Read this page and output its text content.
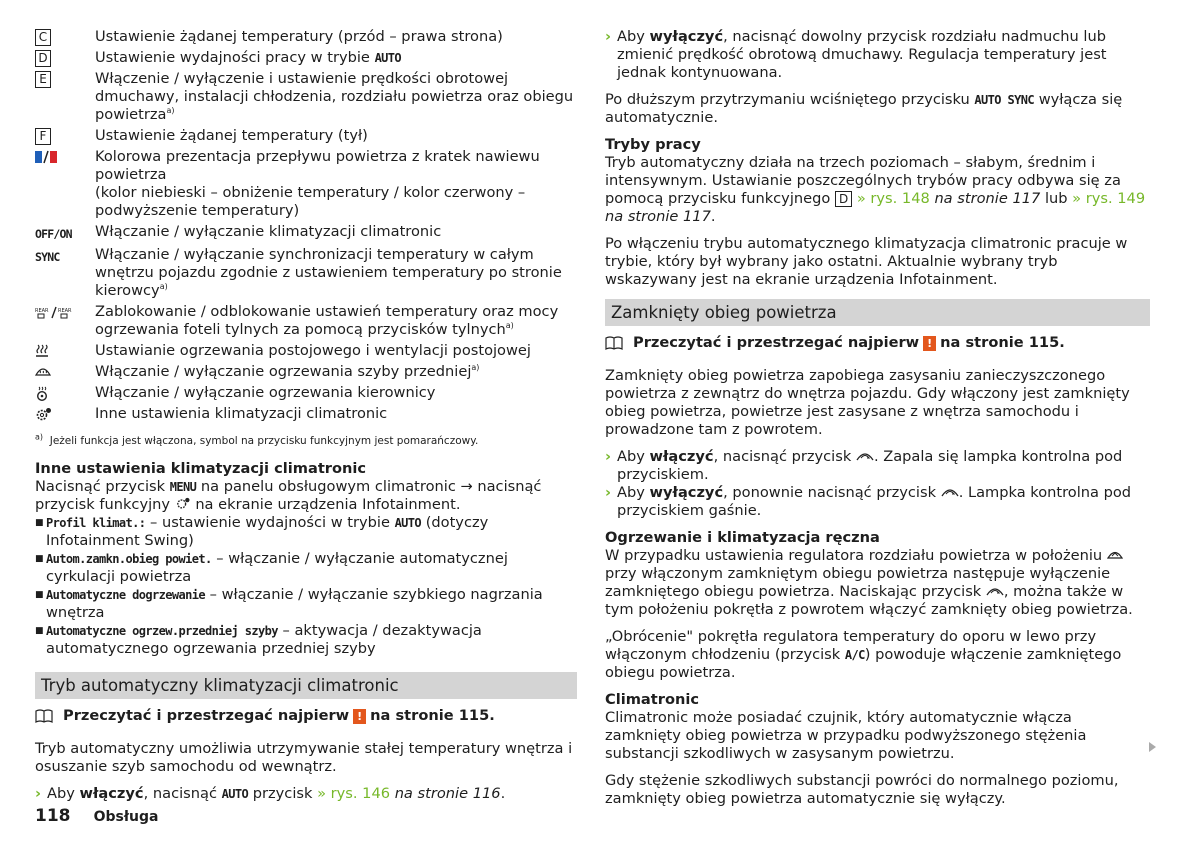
C	Ustawienie żądanej temperatury (przód – prawa strona)
D	Ustawienie wydajności pracy w trybie AUTO
E	Włączenie / wyłączenie i ustawienie prędkości obrotowej dmuchawy, instalacji chłodzenia, rozdziału powietrza oraz obiegu powietrza$^{a)}$
F	Ustawienie żądanej temperatury (tył)
Kolorowa prezentacja przepływu powietrza z kratek nawiewu powietrza
(kolor niebieski – obniżenie temperatury / kolor czerwony – podwyższenie temperatury)
OFF/ON Włączanie / wyłączanie klimatyzacji climatronic
SYNC Włączanie / wyłączanie synchronizacji temperatury w całym wnętrzu pojazdu zgodnie z ustawieniem temperatury po stronie kierowcy$^{a)}$
REAR REAR Zablokowanie / odblokowanie ustawień temperatury oraz mocy ogrzewania foteli tylnych za pomocą przycisków tylnych$^{a)}$
Ustawianie ogrzewania postojowego i wentylacji postojowej
Włączanie / wyłączanie ogrzewania szyby przedniej$^{a)}$
Włączanie / wyłączanie ogrzewania kierownicy
Inne ustawienia klimatyzacji climatronic
$^{a)}$ Jeżeli funkcja jest włączona, symbol na przycisku funkcyjnym jest pomarańczowy.
Inne ustawienia klimatyzacji climatronic
Nacisnąć przycisk MENU na panelu obsługowym climatronic → nacisnąć przycisk funkcyjny na ekranie urządzenia Infotainment.
■ Profil klimat.: – ustawienie wydajności w trybie AUTO (dotyczy Infotainment Swing)
■ Autom.zamkn.obieg powiet. – włączanie / wyłączanie automatycznej cyrkulacji powietrza
■ Automatyczne dogrzewanie – włączanie / wyłączanie szybkiego nagrzania wnętrza
■ Automatyczne ogrzew.przedniej szyby – aktywacja / dezaktywacja automatycznego ogrzewania przedniej szyby
Tryb automatyczny klimatyzacji climatronic
Przeczytać i przestrzegać najpierw ! na stronie
115.
Tryb automatyczny umożliwia utrzymywanie stałej temperatury wnętrza i osuszanie szyb samochodu od wewnątrz.
› Aby włączyć, nacisnąć AUTO przycisk » rys. 146 na stronie 116.
› Aby wyłączyć, nacisnąć dowolny przycisk rozdziału nadmuchu lub zmienić prędkość obrotową dmuchawy. Regulacja temperatury jest jednak kontynuowana.
Po dłuższym przytrzymaniu wciśniętego przycisku AUTO SYNC wyłącza się automatycznie.
Tryby pracy
Tryb automatyczny działa na trzech poziomach – słabym, średnim i intensywnym. Ustawianie poszczególnych trybów pracy odbywa się za pomocą przycisku funkcyjnego D » rys. 148 na stronie 117 lub » rys. 149 na stronie 117.
Po włączeniu trybu automatycznego klimatyzacja climatronic pracuje w trybie, który był wybrany jako ostatni. Aktualnie wybrany tryb wskazywany jest na ekranie urządzenia Infotainment.
Zamknięty obieg powietrza
Przeczytać i przestrzegać najpierw ! na stronie
115.
Zamknięty obieg powietrza zapobiega zasysaniu zanieczyszczonego powietrza z zewnątrz do wnętrza pojazdu. Gdy włączony jest zamknięty obieg powietrza, powietrze jest zasysane z wnętrza samochodu i prowadzone tam z powrotem.
› Aby włączyć, nacisnąć przycisk . Zapala się lampka kontrolna pod przyciskiem.
› Aby wyłączyć, ponownie nacisnąć przycisk . Lampka kontrolna pod przyciskiem gaśnie.
Ogrzewanie i klimatyzacja ręczna
W przypadku ustawienia regulatora rozdziału powietrza w położeniu  przy włączonym zamkniętym obiegu powietrza następuje wyłączenie zamkniętego obiegu powietrza. Naciskając przycisk , można także w tym położeniu pokrętła z powrotem włączyć zamknięty obieg powietrza.
„Obrócenie" pokrętła regulatora temperatury do oporu w lewo przy włączonym chłodzeniu (przycisk A/C) powoduje włączenie zamkniętego obiegu powietrza.
Climatronic
Climatronic może posiadać czujnik, który automatycznie włącza zamknięty obieg powietrza w przypadku podwyższonego stężenia substancji szkodliwych w zasysanym powietrzu.
Gdy stężenie szkodliwych substancji powróci do normalnego poziomu, zamknięty obieg powietrza automatycznie się wyłączy.
118 Obsługa
